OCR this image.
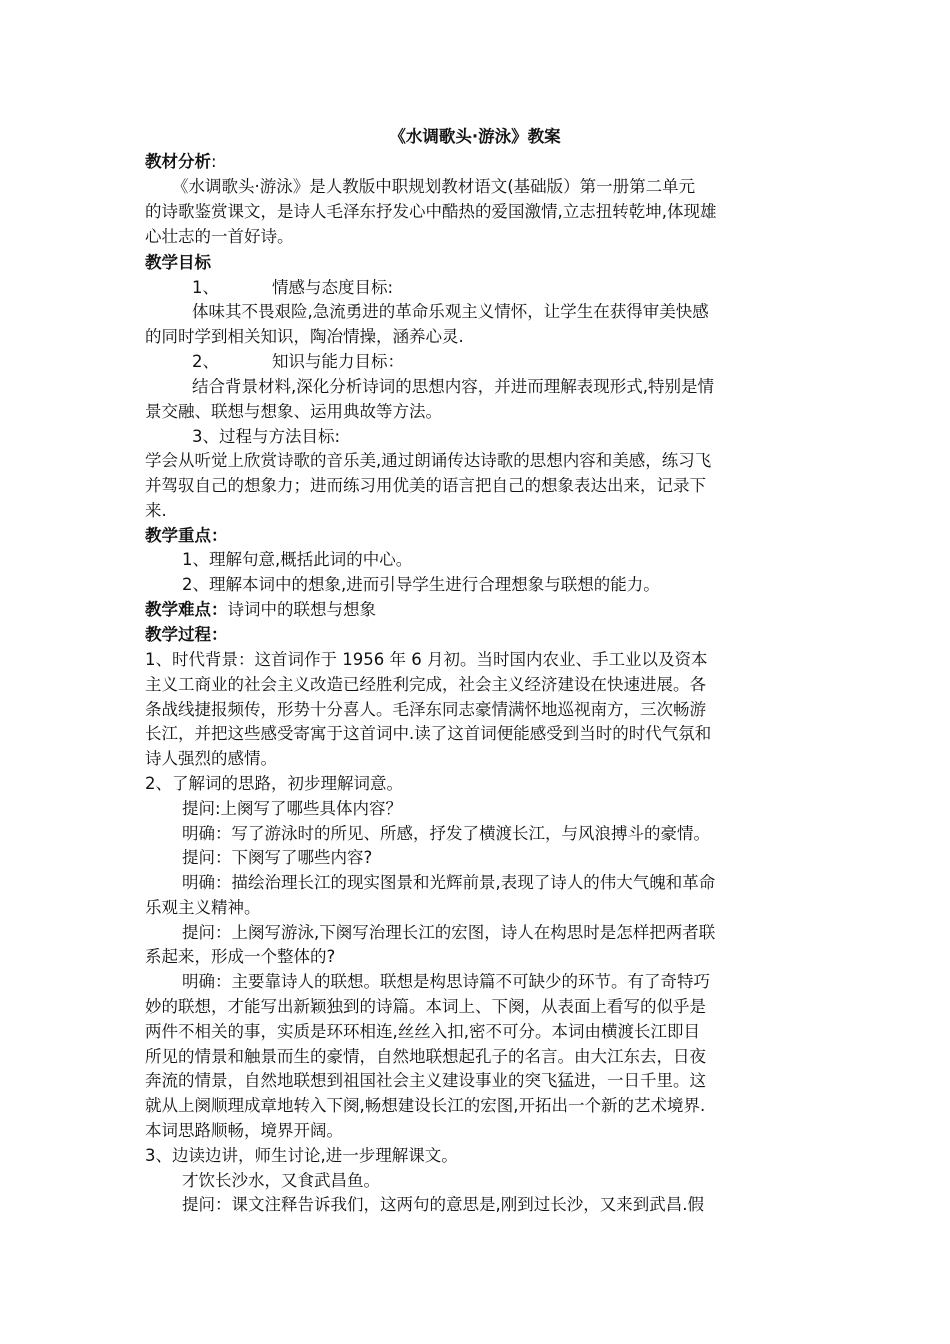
《水调歌头·游泳》教案
教材分析:
《水调歌头·游泳》是人教版中职规划教材语文(基础版）第一册第二单元
的诗歌鉴赏课文，是诗人毛泽东抒发心中酷热的爱国激情,立志扭转乾坤,体现雄
心壮志的一首好诗。
教学目标
1、	情感与态度目标:
体味其不畏艰险,急流勇进的革命乐观主义情怀，让学生在获得审美快感
的同时学到相关知识，陶冶情操，涵养心灵.
2、	知识与能力目标：
结合背景材料,深化分析诗词的思想内容，并进而理解表现形式,特别是情
景交融、联想与想象、运用典故等方法。
3、过程与方法目标:
学会从听觉上欣赏诗歌的音乐美,通过朗诵传达诗歌的思想内容和美感，练习飞
并驾驭自己的想象力；进而练习用优美的语言把自己的想象表达出来，记录下
来.
教学重点：
1、理解句意,概括此词的中心。
2、理解本词中的想象,进而引导学生进行合理想象与联想的能力。
教学难点：诗词中的联想与想象
教学过程：
1、时代背景：这首词作于 1956 年 6 月初。当时国内农业、手工业以及资本
主义工商业的社会主义改造已经胜利完成，社会主义经济建设在快速进展。各
条战线捷报频传，形势十分喜人。毛泽东同志豪情满怀地巡视南方，三次畅游
长江，并把这些感受寄寓于这首词中.读了这首词便能感受到当时的时代气氛和
诗人强烈的感情。
2、了解词的思路，初步理解词意。
提问:上阕写了哪些具体内容？
明确：写了游泳时的所见、所感，抒发了横渡长江，与风浪搏斗的豪情。
提问：下阕写了哪些内容?
明确：描绘治理长江的现实图景和光辉前景,表现了诗人的伟大气魄和革命
乐观主义精神。
提问：上阕写游泳,下阕写治理长江的宏图，诗人在构思时是怎样把两者联
系起来，形成一个整体的?
明确：主要靠诗人的联想。联想是构思诗篇不可缺少的环节。有了奇特巧
妙的联想，才能写出新颖独到的诗篇。本词上、下阕，从表面上看写的似乎是
两件不相关的事，实质是环环相连,丝丝入扣,密不可分。本词由横渡长江即目
所见的情景和触景而生的豪情，自然地联想起孔子的名言。由大江东去，日夜
奔流的情景，自然地联想到祖国社会主义建设事业的突飞猛进，一日千里。这
就从上阕顺理成章地转入下阕,畅想建设长江的宏图,开拓出一个新的艺术境界.
本词思路顺畅，境界开阔。
3、边读边讲，师生讨论,进一步理解课文。
才饮长沙水，又食武昌鱼。
提问：课文注释告诉我们，这两句的意思是,刚到过长沙，又来到武昌.假
